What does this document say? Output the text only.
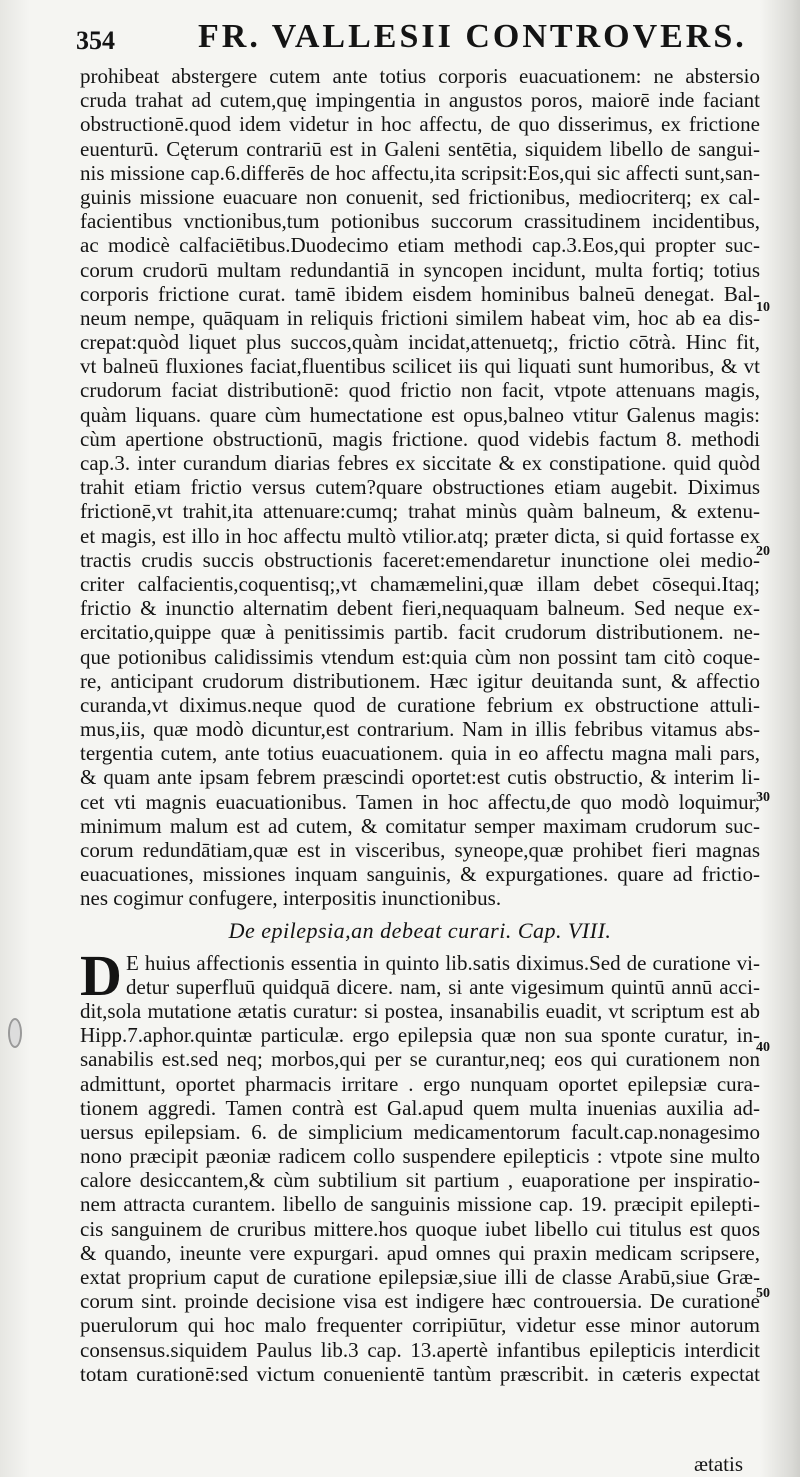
354 FR. VALLESII CONTROVERS.
prohibeat abstergere cutem ante totius corporis euacuationem: ne abstersio
cruda trahat ad cutem,quę impingentia in angustos poros, maiorē inde faciant
obstructionē.quod idem videtur in hoc affectu, de quo disserimus, ex frictione
euenturū. Cęterum contrariū est in Galeni sentētia, siquidem libello de sangui-
nis missione cap.6.differēs de hoc affectu,ita scripsit:Eos,qui sic affecti sunt,san-
guinis missione euacuare non conuenit, sed frictionibus, mediocriterq; ex cal-
facientibus vnctionibus,tum potionibus succorum crassitudinem incidentibus,
ac modicè calfaciētibus.Duodecimo etiam methodi cap.3.Eos,qui propter suc-
corum crudorū multam redundantiā in syncopen incidunt, multa fortiq; totius
corporis frictione curat. tamē ibidem eisdem hominibus balneū denegat. Bal-
neum nempe, quāquam in reliquis frictioni similem habeat vim, hoc ab ea dis-
crepat:quòd liquet plus succos,quàm incidat,attenuetq;, frictio cōtrà. Hinc fit,
vt balneū fluxiones faciat,fluentibus scilicet iis qui liquati sunt humoribus, & vt
crudorum faciat distributionē: quod frictio non facit, vtpote attenuans magis,
quàm liquans. quare cùm humectatione est opus,balneo vtitur Galenus magis:
cùm apertione obstructionū, magis frictione. quod videbis factum 8. methodi
cap.3. inter curandum diarias febres ex siccitate & ex constipatione. quid quòd
trahit etiam frictio versus cutem?quare obstructiones etiam augebit. Diximus
frictionē,vt trahit,ita attenuare:cumq; trahat minùs quàm balneum, & extenu-
et magis, est illo in hoc affectu multò vtilior.atq; præter dicta, si quid fortasse ex
tractis crudis succis obstructionis faceret:emendaretur inunctione olei medio-
criter calfacientis,coquentisq;,vt chamæmelini,quæ illam debet cōsequi.Itaq;
frictio & inunctio alternatim debent fieri,nequaquam balneum. Sed neque ex-
ercitatio,quippe quæ à penitissimis partib. facit crudorum distributionem. ne-
que potionibus calidissimis vtendum est:quia cùm non possint tam citò coque-
re, anticipant crudorum distributionem. Hæc igitur deuitanda sunt, & affectio
curanda,vt diximus.neque quod de curatione febrium ex obstructione attuli-
mus,iis, quæ modò dicuntur,est contrarium. Nam in illis febribus vitamus abs-
tergentia cutem, ante totius euacuationem. quia in eo affectu magna mali pars,
& quam ante ipsam febrem præscindi oportet:est cutis obstructio, & interim li-
cet vti magnis euacuationibus. Tamen in hoc affectu,de quo modò loquimur,
minimum malum est ad cutem, & comitatur semper maximam crudorum suc-
corum redundātiam,quæ est in visceribus, syneope,quæ prohibet fieri magnas
euacuationes, missiones inquam sanguinis, & expurgationes. quare ad frictio-
nes cogimur confugere, interpositis inunctionibus.
De epilepsia,an debeat curari. Cap. VIII.
D E huius affectionis essentia in quinto lib.satis diximus.Sed de curatione vi-
detur superfluū quidquā dicere. nam, si ante vigesimum quintū annū acci-
dit,sola mutatione ætatis curatur: si postea, insanabilis euadit, vt scriptum est ab
Hipp.7.aphor.quintæ particulæ. ergo epilepsia quæ non sua sponte curatur, in-
sanabilis est.sed neq; morbos,qui per se curantur,neq; eos qui curationem non
admittunt, oportet pharmacis irritare . ergo nunquam oportet epilepsiæ cura-
tionem aggredi. Tamen contrà est Gal.apud quem multa inuenias auxilia ad-
uersus epilepsiam. 6. de simplicium medicamentorum facult.cap.nonagesimo
nono præcipit pæoniæ radicem collo suspendere epilepticis : vtpote sine multo
calore desiccantem,& cùm subtilium sit partium , euaporatione per inspiratio-
nem attracta curantem. libello de sanguinis missione cap. 19. præcipit epilepti-
cis sanguinem de cruribus mittere.hos quoque iubet libello cui titulus est quos
& quando, ineunte vere expurgari. apud omnes qui praxin medicam scripsere,
extat proprium caput de curatione epilepsiæ,siue illi de classe Arabū,siue Græ-
corum sint. proinde decisione visa est indigere hæc controuersia. De curatione
puerulorum qui hoc malo frequenter corripiūtur, videtur esse minor autorum
consensus.siquidem Paulus lib.3 cap. 13.apertè infantibus epilepticis interdicit
totam curationē:sed victum conuenientē tantùm præscribit. in cæteris expectat
10
20
30
40
50
ætatis
